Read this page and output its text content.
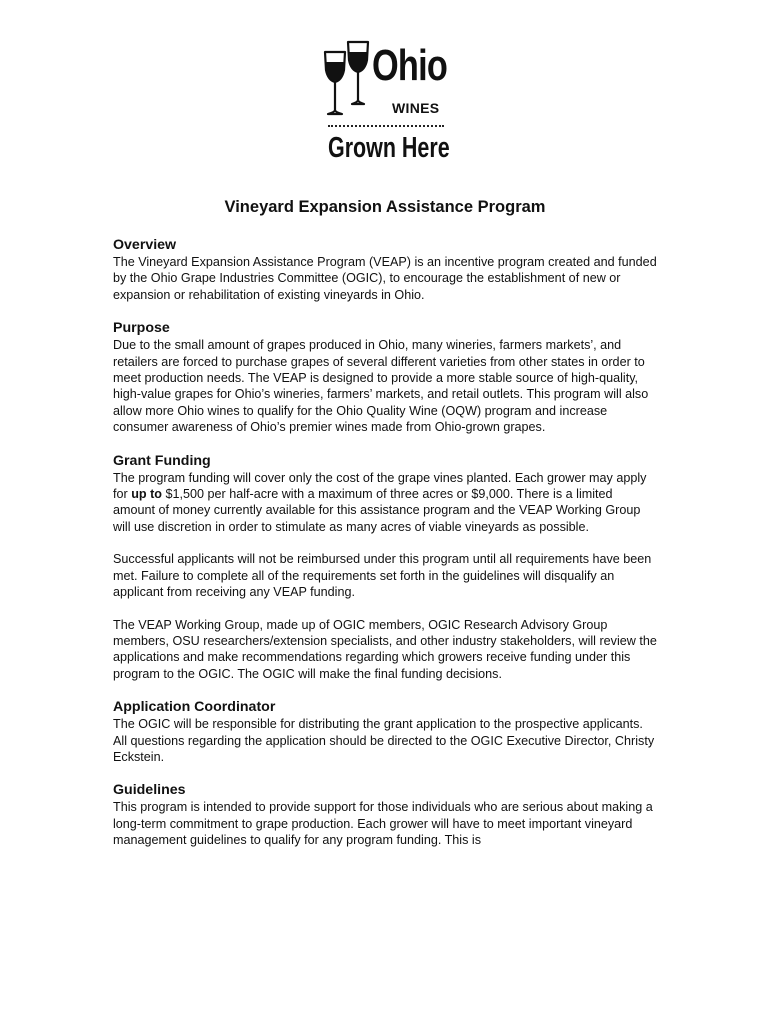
Ohio
WINES
Grown Here
Vineyard Expansion Assistance Program
Overview

The Vineyard Expansion Assistance Program (VEAP) is an incentive program created and funded by the Ohio Grape Industries Committee (OGIC), to encourage the establishment of new or expansion or rehabilitation of existing vineyards in Ohio.

Purpose

Due to the small amount of grapes produced in Ohio, many wineries, farmers markets’, and retailers are forced to purchase grapes of several different varieties from other states in order to meet production needs. The VEAP is designed to provide a more stable source of high-quality, high-value grapes for Ohio’s wineries, farmers’ markets, and retail outlets. This program will also allow more Ohio wines to qualify for the Ohio Quality Wine (OQW) program and increase consumer awareness of Ohio’s premier wines made from Ohio-grown grapes.

Grant Funding

The program funding will cover only the cost of the grape vines planted. Each grower may apply for up to $1,500 per half-acre with a maximum of three acres or $9,000. There is a limited amount of money currently available for this assistance program and the VEAP Working Group will use discretion in order to stimulate as many acres of viable vineyards as possible.

Successful applicants will not be reimbursed under this program until all requirements have been met. Failure to complete all of the requirements set forth in the guidelines will disqualify an applicant from receiving any VEAP funding.

The VEAP Working Group, made up of OGIC members, OGIC Research Advisory Group members, OSU researchers/extension specialists, and other industry stakeholders, will review the applications and make recommendations regarding which growers receive funding under this program to the OGIC. The OGIC will make the final funding decisions.

Application Coordinator

The OGIC will be responsible for distributing the grant application to the prospective applicants. All questions regarding the application should be directed to the OGIC Executive Director, Christy Eckstein.

Guidelines

This program is intended to provide support for those individuals who are serious about making a long-term commitment to grape production. Each grower will have to meet important vineyard management guidelines to qualify for any program funding. This is
